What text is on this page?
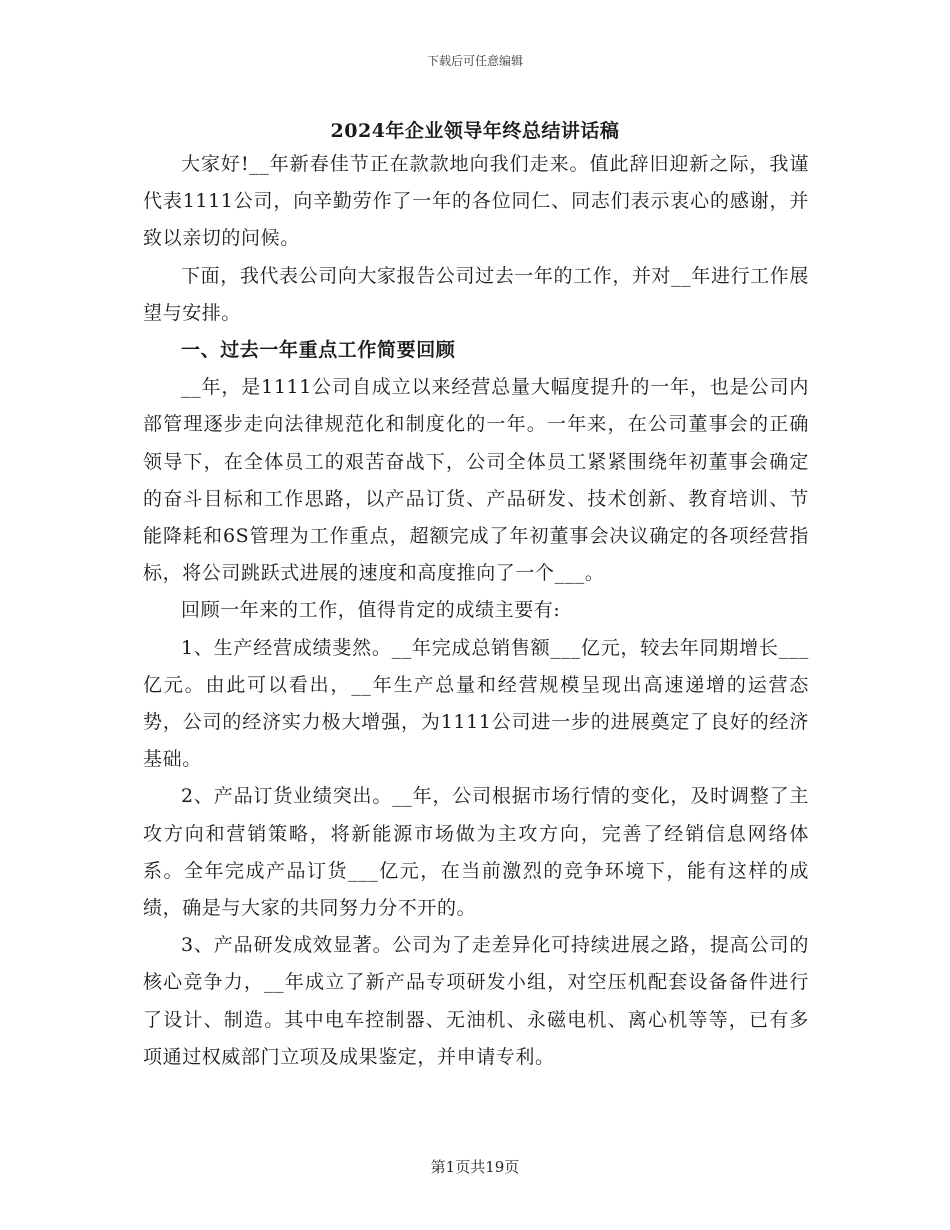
下载后可任意编辑
2024年企业领导年终总结讲话稿

大家好!__年新春佳节正在款款地向我们走来。值此辞旧迎新之际，我谨代表1111公司，向辛勤劳作了一年的各位同仁、同志们表示衷心的感谢，并致以亲切的问候。

下面，我代表公司向大家报告公司过去一年的工作，并对__年进行工作展望与安排。

一、过去一年重点工作简要回顾

__年，是1111公司自成立以来经营总量大幅度提升的一年，也是公司内部管理逐步走向法律规范化和制度化的一年。一年来，在公司董事会的正确领导下，在全体员工的艰苦奋战下，公司全体员工紧紧围绕年初董事会确定的奋斗目标和工作思路，以产品订货、产品研发、技术创新、教育培训、节能降耗和6S管理为工作重点，超额完成了年初董事会决议确定的各项经营指标，将公司跳跃式进展的速度和高度推向了一个___。

回顾一年来的工作，值得肯定的成绩主要有:

1、生产经营成绩斐然。__年完成总销售额___亿元，较去年同期增长___亿元。由此可以看出，__年生产总量和经营规模呈现出高速递增的运营态势，公司的经济实力极大增强，为1111公司进一步的进展奠定了良好的经济基础。

2、产品订货业绩突出。__年，公司根据市场行情的变化，及时调整了主攻方向和营销策略，将新能源市场做为主攻方向，完善了经销信息网络体系。全年完成产品订货___亿元，在当前激烈的竞争环境下，能有这样的成绩，确是与大家的共同努力分不开的。

3、产品研发成效显著。公司为了走差异化可持续进展之路，提高公司的核心竞争力，__年成立了新产品专项研发小组，对空压机配套设备备件进行了设计、制造。其中电车控制器、无油机、永磁电机、离心机等等，已有多项通过权威部门立项及成果鉴定，并申请专利。

第1页共19页
